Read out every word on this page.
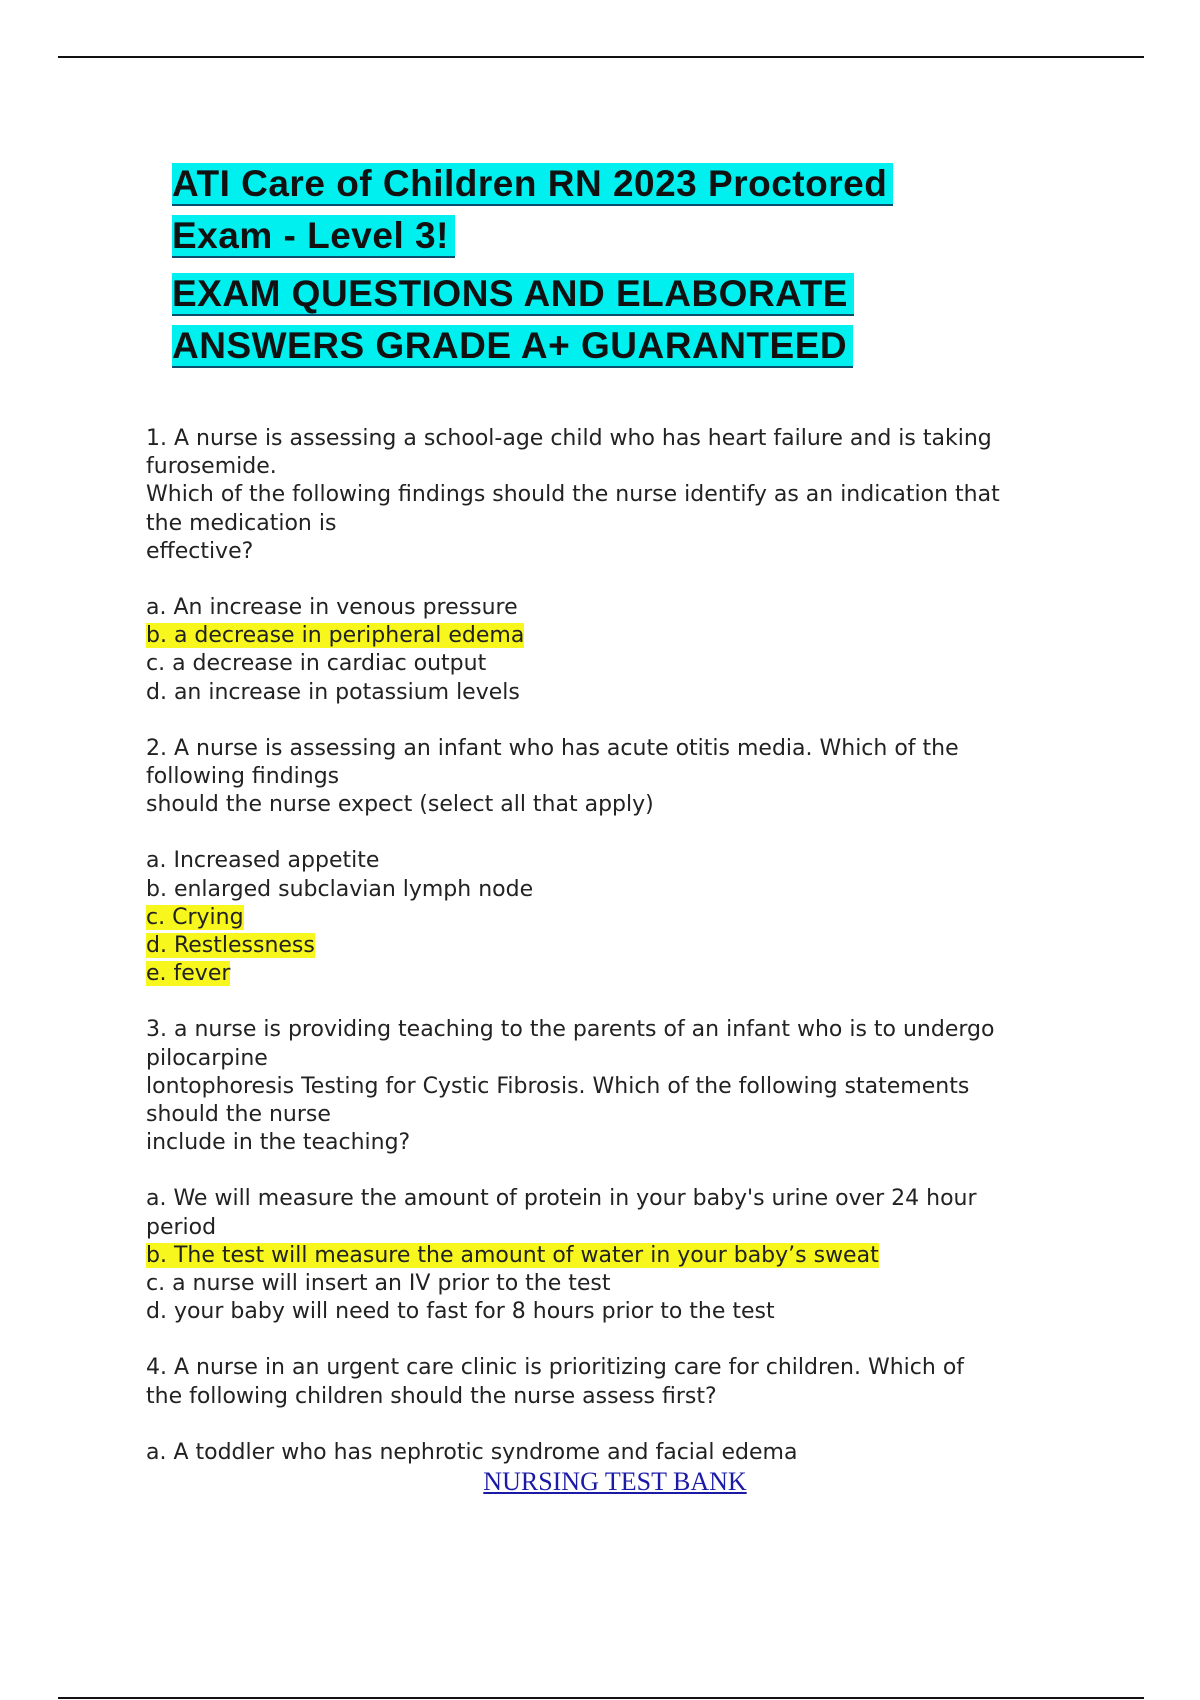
ATI Care of Children RN 2023 Proctored
Exam - Level 3!
EXAM QUESTIONS AND ELABORATE
ANSWERS GRADE A+ GUARANTEED

1. A nurse is assessing a school-age child who has heart failure and is taking

furosemide.

Which of the following findings should the nurse identify as an indication that

the medication is

effective?

a. An increase in venous pressure
b. a decrease in peripheral edema
c. a decrease in cardiac output
d. an increase in potassium levels

2. A nurse is assessing an infant who has acute otitis media. Which of the

following findings

should the nurse expect (select all that apply)

a. Increased appetite
b. enlarged subclavian lymph node
c. Crying
d. Restlessness
e. fever

3. a nurse is providing teaching to the parents of an infant who is to undergo

pilocarpine

lontophoresis Testing for Cystic Fibrosis. Which of the following statements

should the nurse

include in the teaching?

a. We will measure the amount of protein in your baby's urine over 24 hour
period
b. The test will measure the amount of water in your baby’s sweat
c. a nurse will insert an IV prior to the test
d. your baby will need to fast for 8 hours prior to the test

4. A nurse in an urgent care clinic is prioritizing care for children. Which of

the following children should the nurse assess first?

a. A toddler who has nephrotic syndrome and facial edema
NURSING TEST BANK
